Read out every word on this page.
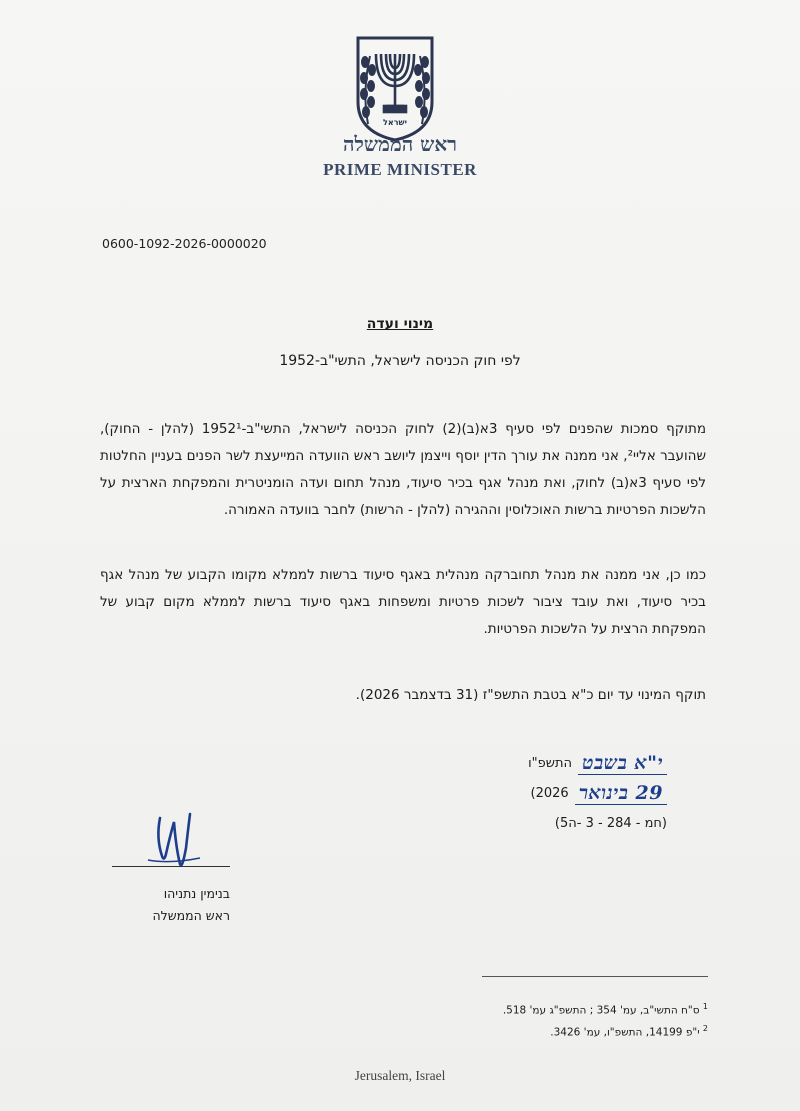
ישראל
ראש הממשלה
PRIME MINISTER
0600-1092-2026-0000020
מינוי ועדה
לפי חוק הכניסה לישראל, התשי"ב-1952
מתוקף סמכות שהפנים לפי סעיף 3א(ב)(2) לחוק הכניסה לישראל, התשי"ב-1952¹ (להלן - החוק), שהועבר אליי², אני ממנה את עורך הדין יוסף וייצמן ליושב ראש הוועדה המייעצת לשר הפנים בעניין החלטות לפי סעיף 3א(ב) לחוק, ואת מנהל אגף בכיר סיעוד, מנהל תחום ועדה הומניטרית והמפקחת הארצית על הלשכות הפרטיות ברשות האוכלוסין וההגירה (להלן - הרשות) לחבר בוועדה האמורה.
כמו כן, אני ממנה את מנהל תחוברקה מנהלית באגף סיעוד ברשות לממלא מקומו הקבוע של מנהל אגף בכיר סיעוד, ואת עובד ציבור לשכות פרטיות ומשפחות באגף סיעוד ברשות לממלא מקום קבוע של המפקחת הרצית על הלשכות הפרטיות.
תוקף המינוי עד יום כ"א בטבת התשפ"ז (31 בדצמבר 2026).
י"א בשבט
התשפ"ו
29 בינואר
2026)
(חמ - 284 - 3 -ה5)
בנימין נתניהו
ראש הממשלה
$^1$ ס"ח התשי"ב, עמ' 354 ; התשפ"ג עמ' 518.
$^2$ י"פ 14199, התשפ"ו, עמ' 3426.
Jerusalem, Israel
